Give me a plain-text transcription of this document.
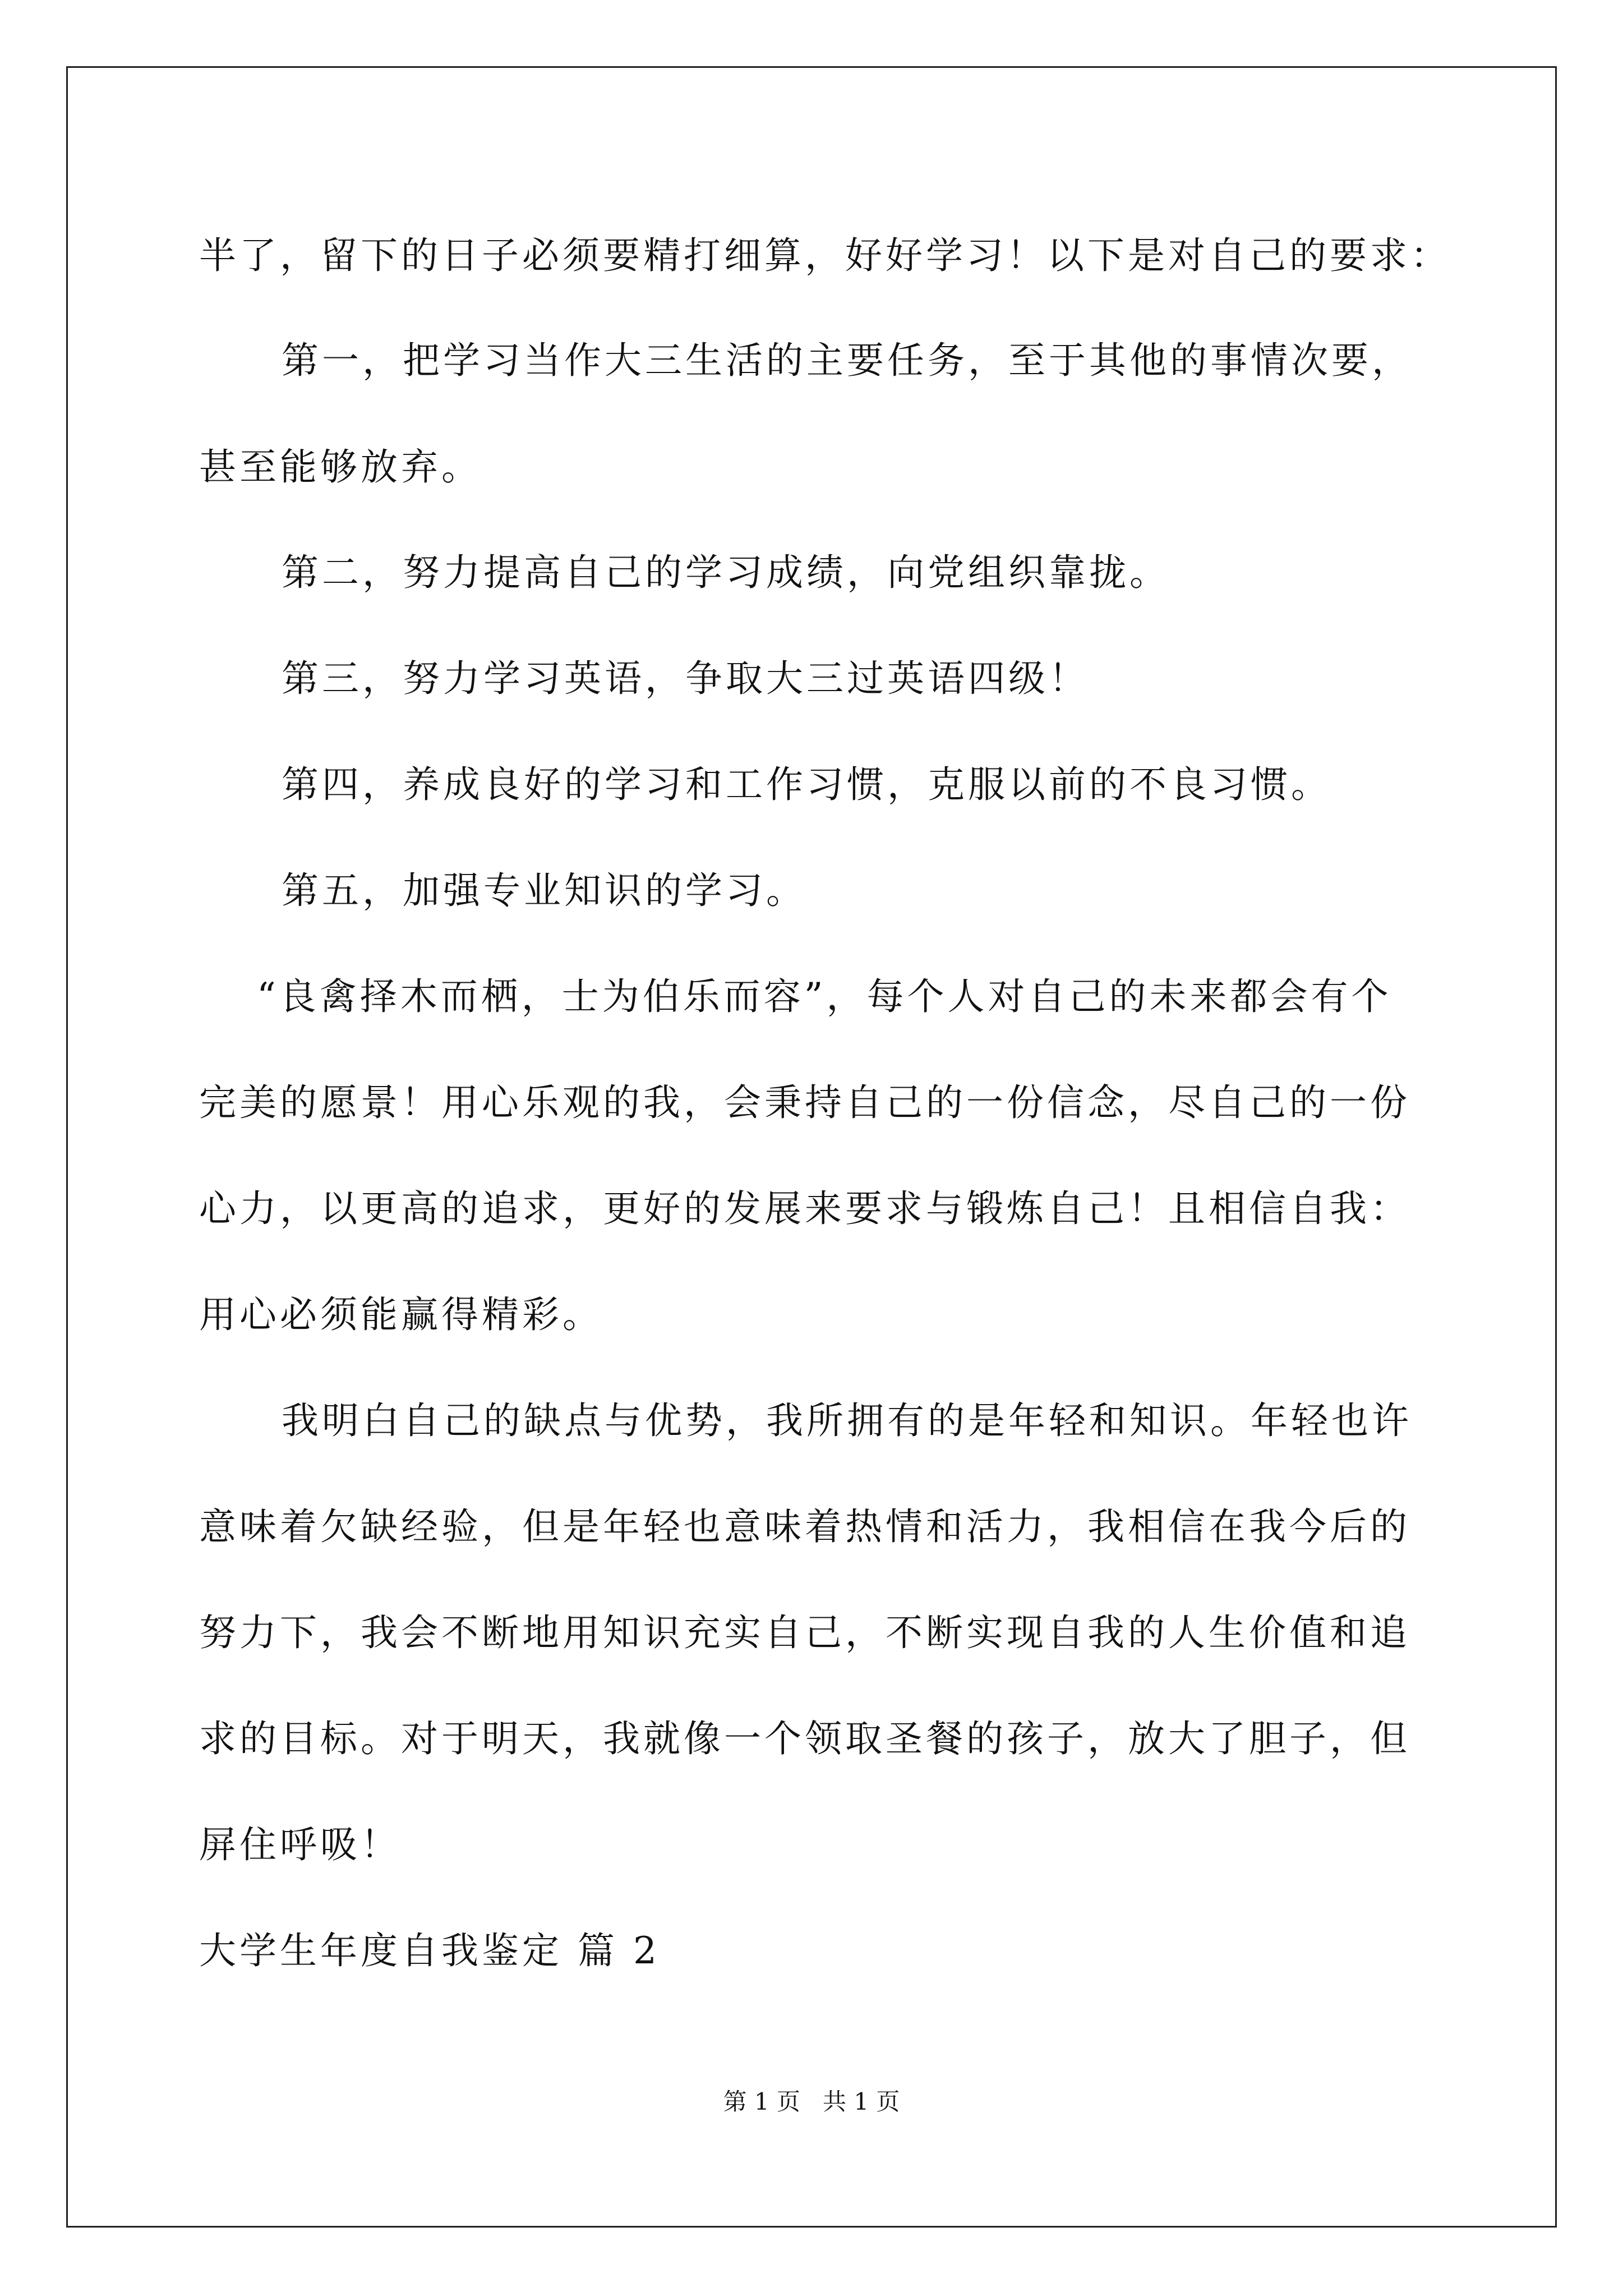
半了，留下的日子必须要精打细算，好好学习！以下是对自己的要求：
第一，把学习当作大三生活的主要任务，至于其他的事情次要，
甚至能够放弃。
第二，努力提高自己的学习成绩，向党组织靠拢。
第三，努力学习英语，争取大三过英语四级！
第四，养成良好的学习和工作习惯，克服以前的不良习惯。
第五，加强专业知识的学习。
“良禽择木而栖，士为伯乐而容”，每个人对自己的未来都会有个
完美的愿景！用心乐观的我，会秉持自己的一份信念，尽自己的一份
心力，以更高的追求，更好的发展来要求与锻炼自己！且相信自我：
用心必须能赢得精彩。
我明白自己的缺点与优势，我所拥有的是年轻和知识。年轻也许
意味着欠缺经验，但是年轻也意味着热情和活力，我相信在我今后的
努力下，我会不断地用知识充实自己，不断实现自我的人生价值和追
求的目标。对于明天，我就像一个领取圣餐的孩子，放大了胆子，但
屏住呼吸！
大学生年度自我鉴定 篇 2
第 1 页 共 1 页
